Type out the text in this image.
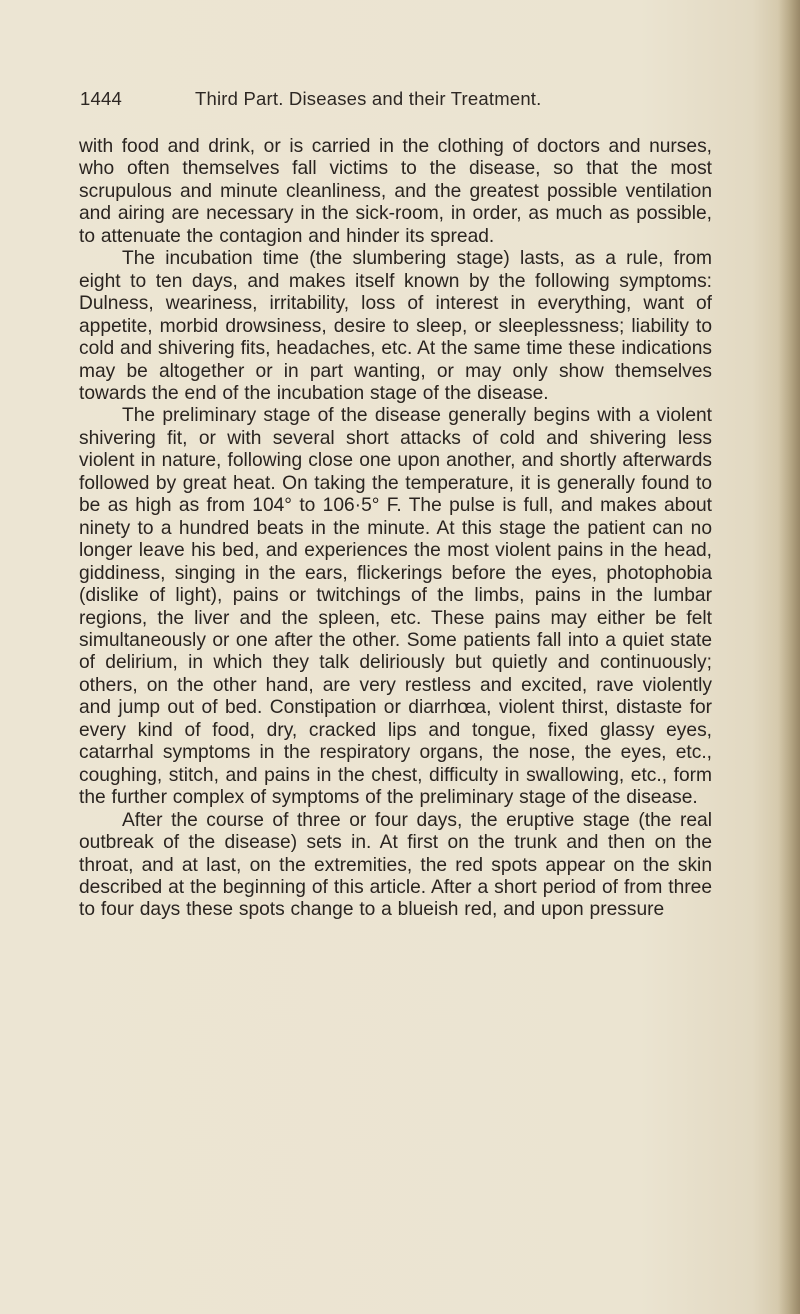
1444	Third Part. Diseases and their Treatment.

with food and drink, or is carried in the clothing of doctors and nurses, who often themselves fall victims to the disease, so that the most scrupulous and minute cleanliness, and the greatest possible ventilation and airing are necessary in the sick-room, in order, as much as possible, to attenuate the contagion and hinder its spread.

The incubation time (the slumbering stage) lasts, as a rule, from eight to ten days, and makes itself known by the following symptoms: Dulness, weariness, irritability, loss of interest in everything, want of appetite, morbid drowsiness, desire to sleep, or sleeplessness; liability to cold and shivering fits, headaches, etc. At the same time these indications may be altogether or in part wanting, or may only show themselves towards the end of the incubation stage of the disease.

The preliminary stage of the disease generally begins with a violent shivering fit, or with several short attacks of cold and shivering less violent in nature, following close one upon another, and shortly afterwards followed by great heat. On taking the temperature, it is generally found to be as high as from 104° to 106·5° F. The pulse is full, and makes about ninety to a hundred beats in the minute. At this stage the patient can no longer leave his bed, and experiences the most violent pains in the head, giddiness, singing in the ears, flickerings before the eyes, photophobia (dislike of light), pains or twitchings of the limbs, pains in the lumbar regions, the liver and the spleen, etc. These pains may either be felt simultaneously or one after the other. Some patients fall into a quiet state of delirium, in which they talk deliriously but quietly and continuously; others, on the other hand, are very restless and excited, rave violently and jump out of bed. Constipation or diarrhœa, violent thirst, distaste for every kind of food, dry, cracked lips and tongue, fixed glassy eyes, catarrhal symptoms in the respiratory organs, the nose, the eyes, etc., coughing, stitch, and pains in the chest, difficulty in swallowing, etc., form the further complex of symptoms of the preliminary stage of the disease.

After the course of three or four days, the eruptive stage (the real outbreak of the disease) sets in. At first on the trunk and then on the throat, and at last, on the extremities, the red spots appear on the skin described at the beginning of this article. After a short period of from three to four days these spots change to a blueish red, and upon pressure
